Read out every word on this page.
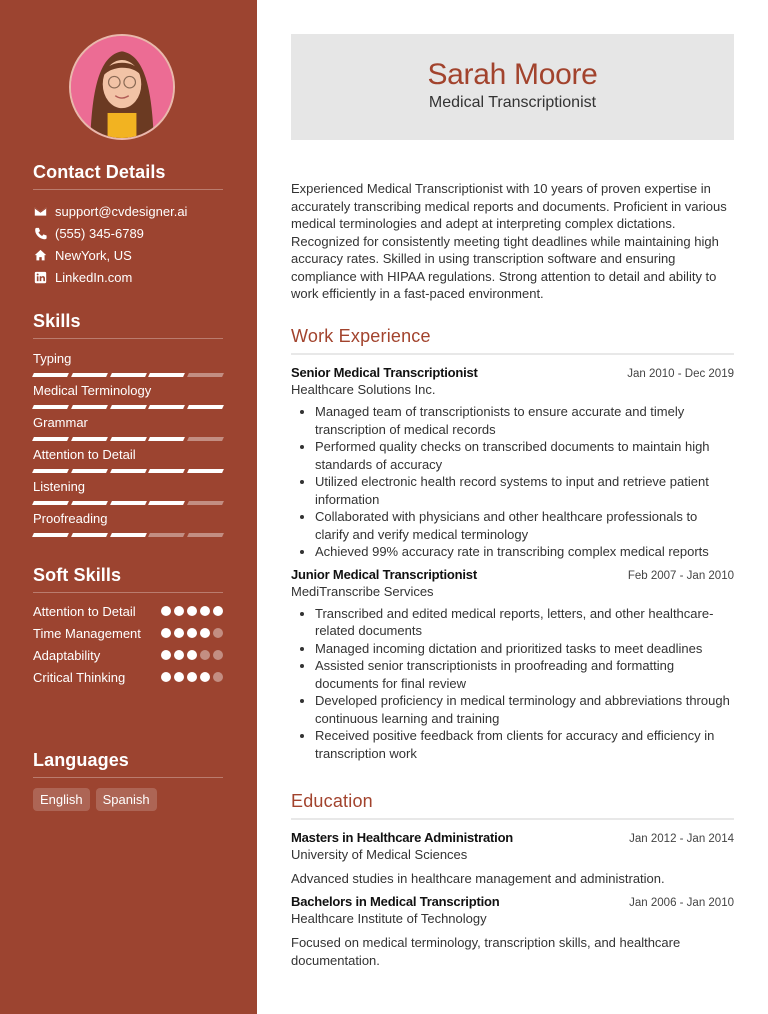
Contact Details
support@cvdesigner.ai
(555) 345-6789
NewYork, US
LinkedIn.com
Skills
Typing
Medical Terminology
Grammar
Attention to Detail
Listening
Proofreading
Soft Skills
Attention to Detail
Time Management
Adaptability
Critical Thinking
Languages
English	Spanish
Sarah Moore
Medical Transcriptionist
Experienced Medical Transcriptionist with 10 years of proven expertise in accurately transcribing medical reports and documents. Proficient in various medical terminologies and adept at interpreting complex dictations. Recognized for consistently meeting tight deadlines while maintaining high accuracy rates. Skilled in using transcription software and ensuring compliance with HIPAA regulations. Strong attention to detail and ability to work efficiently in a fast-paced environment.
Work Experience
Senior Medical Transcriptionist	Jan 2010 - Dec 2019
Healthcare Solutions Inc.
• Managed team of transcriptionists to ensure accurate and timely transcription of medical records
• Performed quality checks on transcribed documents to maintain high standards of accuracy
• Utilized electronic health record systems to input and retrieve patient information
• Collaborated with physicians and other healthcare professionals to clarify and verify medical terminology
• Achieved 99% accuracy rate in transcribing complex medical reports
Junior Medical Transcriptionist	Feb 2007 - Jan 2010
MediTranscribe Services
• Transcribed and edited medical reports, letters, and other healthcare-related documents
• Managed incoming dictation and prioritized tasks to meet deadlines
• Assisted senior transcriptionists in proofreading and formatting documents for final review
• Developed proficiency in medical terminology and abbreviations through continuous learning and training
• Received positive feedback from clients for accuracy and efficiency in transcription work
Education
Masters in Healthcare Administration	Jan 2012 - Jan 2014
University of Medical Sciences
Advanced studies in healthcare management and administration.
Bachelors in Medical Transcription	Jan 2006 - Jan 2010
Healthcare Institute of Technology
Focused on medical terminology, transcription skills, and healthcare documentation.
